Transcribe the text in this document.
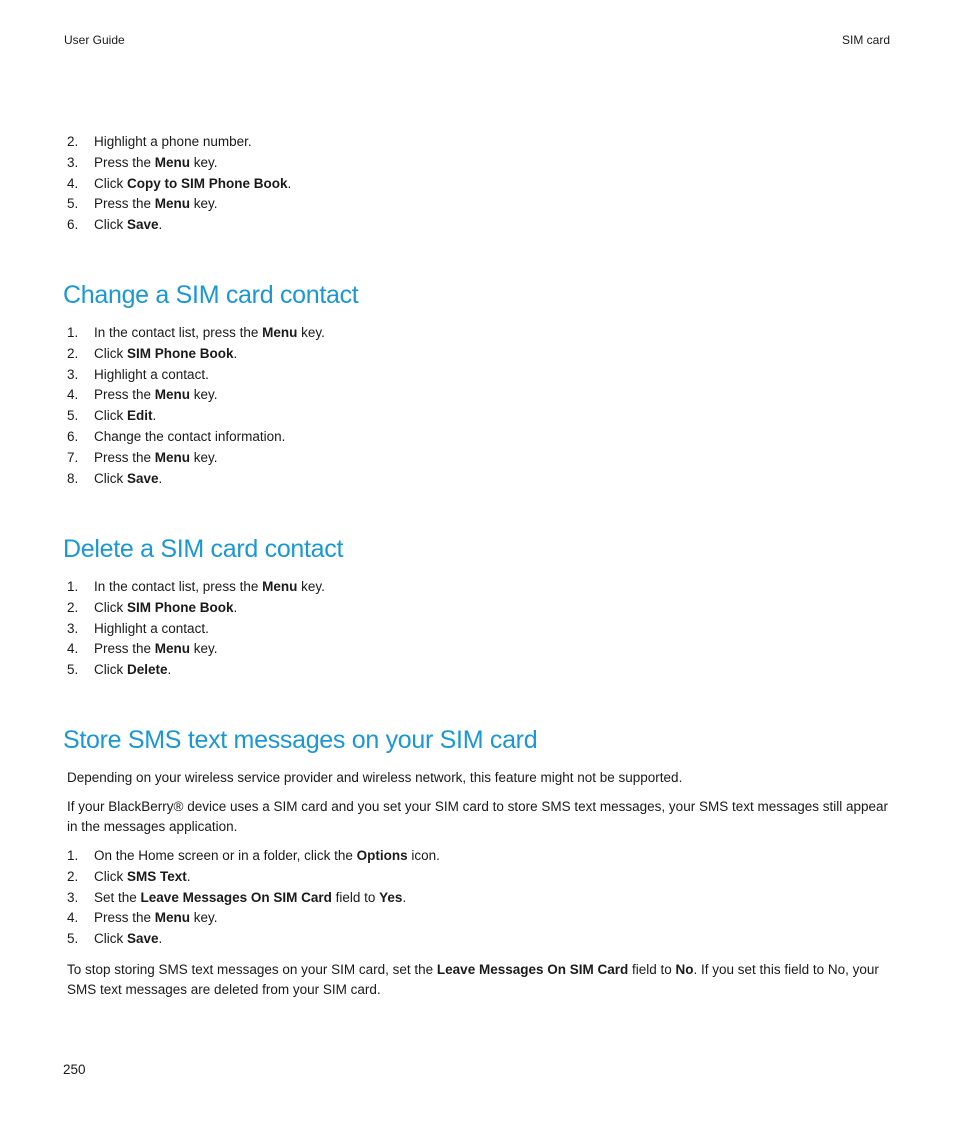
User Guide	SIM card
2. Highlight a phone number.
3. Press the Menu key.
4. Click Copy to SIM Phone Book.
5. Press the Menu key.
6. Click Save.
Change a SIM card contact
1. In the contact list, press the Menu key.
2. Click SIM Phone Book.
3. Highlight a contact.
4. Press the Menu key.
5. Click Edit.
6. Change the contact information.
7. Press the Menu key.
8. Click Save.
Delete a SIM card contact
1. In the contact list, press the Menu key.
2. Click SIM Phone Book.
3. Highlight a contact.
4. Press the Menu key.
5. Click Delete.
Store SMS text messages on your SIM card

Depending on your wireless service provider and wireless network, this feature might not be supported.

If your BlackBerry® device uses a SIM card and you set your SIM card to store SMS text messages, your SMS text messages still appear in the messages application.

1. On the Home screen or in a folder, click the Options icon.
2. Click SMS Text.
3. Set the Leave Messages On SIM Card field to Yes.
4. Press the Menu key.
5. Click Save.

To stop storing SMS text messages on your SIM card, set the Leave Messages On SIM Card field to No. If you set this field to No, your SMS text messages are deleted from your SIM card.

250
